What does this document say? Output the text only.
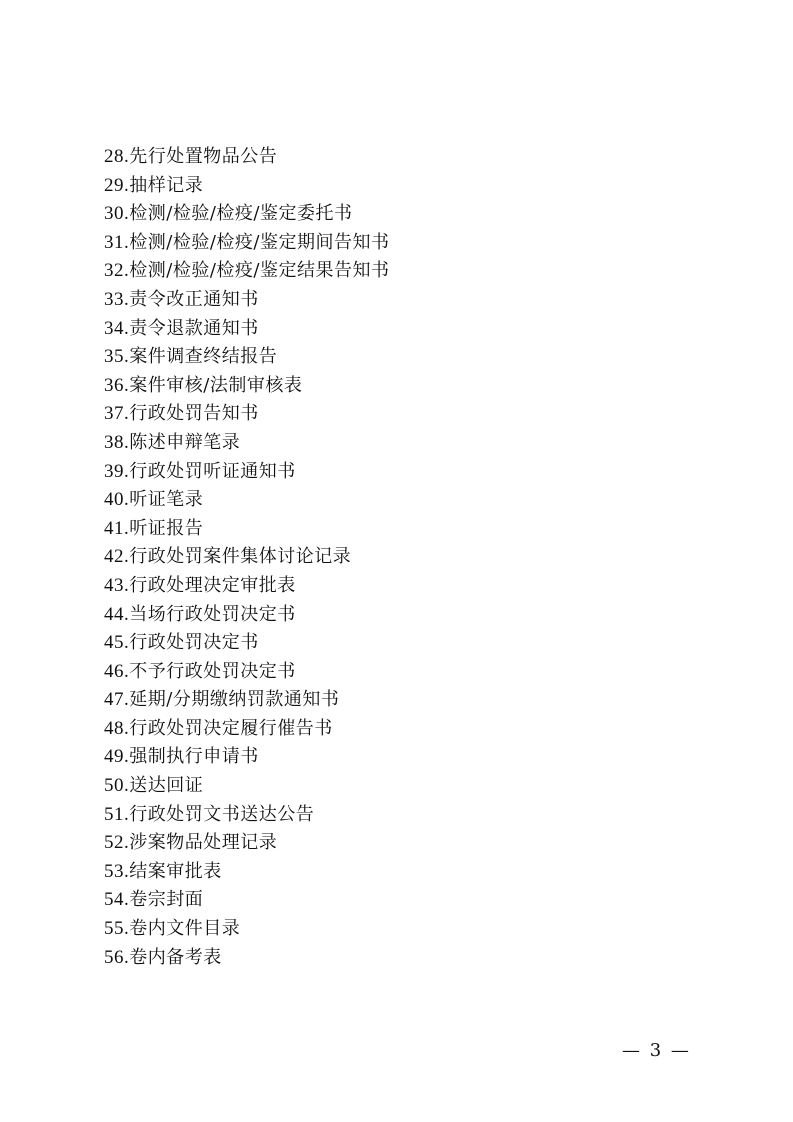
28.先行处置物品公告
29.抽样记录
30.检测/检验/检疫/鉴定委托书
31.检测/检验/检疫/鉴定期间告知书
32.检测/检验/检疫/鉴定结果告知书
33.责令改正通知书
34.责令退款通知书
35.案件调查终结报告
36.案件审核/法制审核表
37.行政处罚告知书
38.陈述申辩笔录
39.行政处罚听证通知书
40.听证笔录
41.听证报告
42.行政处罚案件集体讨论记录
43.行政处理决定审批表
44.当场行政处罚决定书
45.行政处罚决定书
46.不予行政处罚决定书
47.延期/分期缴纳罚款通知书
48.行政处罚决定履行催告书
49.强制执行申请书
50.送达回证
51.行政处罚文书送达公告
52.涉案物品处理记录
53.结案审批表
54.卷宗封面
55.卷内文件目录
56.卷内备考表
— 3 —
